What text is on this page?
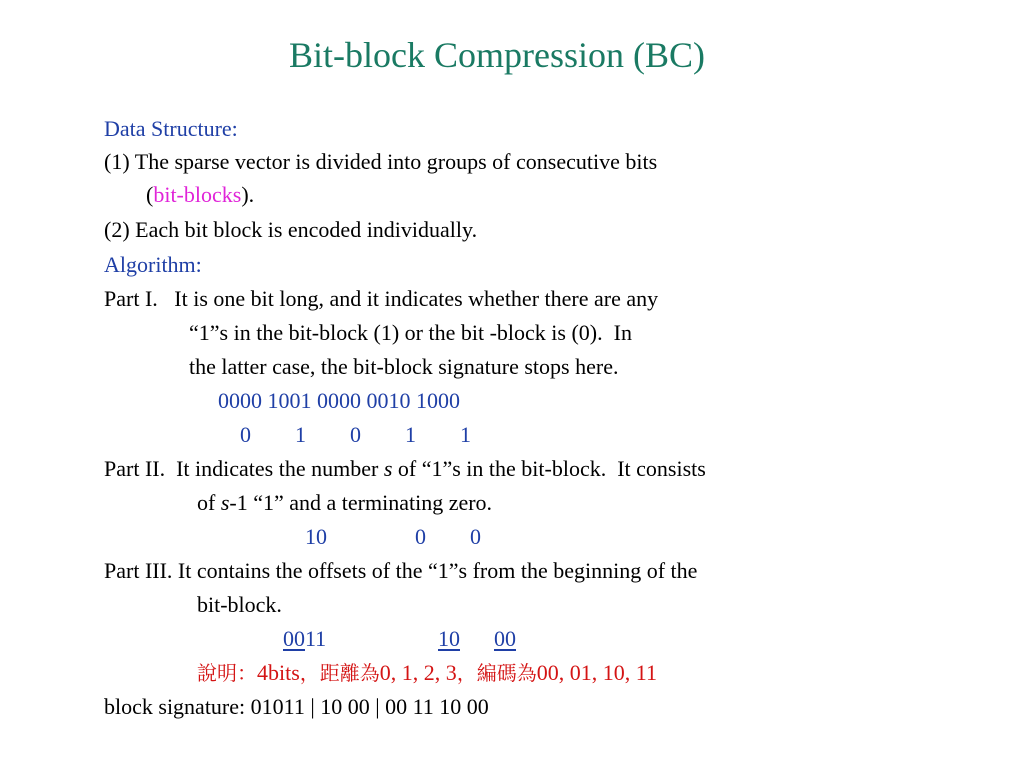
Bit-block Compression (BC)
Data Structure:
(1) The sparse vector is divided into groups of consecutive bits
(bit-blocks).
(2) Each bit block is encoded individually.
Algorithm:
Part I.   It is one bit long, and it indicates whether there are any
“1”s in the bit-block (1) or the bit -block is (0).  In
the latter case, the bit-block signature stops here.
0000 1001 0000 0010 1000
0        1        0        1        1
Part II.  It indicates the number s of “1”s in the bit-block.  It consists
of s-1 “1” and a terminating zero.
10                0        0
Part III. It contains the offsets of the “1”s from the beginning of the
bit-block.
0011	10 00
說明：4bits，距離為0, 1, 2, 3，編碼為00, 01, 10, 11
block signature: 01011 | 10 00 | 00 11 10 00
